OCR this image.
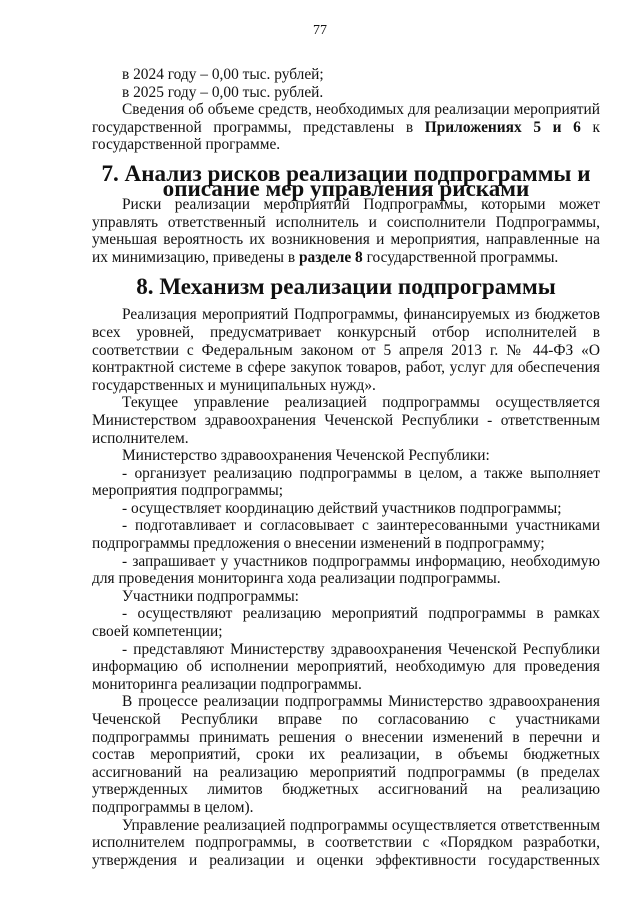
77

в 2024 году – 0,00 тыс. рублей;

в 2025 году – 0,00 тыс. рублей.

Сведения об объеме средств, необходимых для реализации мероприятий государственной программы, представлены в Приложениях 5 и 6 к государственной программе.

7. Анализ рисков реализации подпрограммы и описание мер управления рисками

Риски реализации мероприятий Подпрограммы, которыми может управлять ответственный исполнитель и соисполнители Подпрограммы, уменьшая вероятность их возникновения и мероприятия, направленные на их минимизацию, приведены в разделе 8 государственной программы.

8. Механизм реализации подпрограммы

Реализация мероприятий Подпрограммы, финансируемых из бюджетов всех уровней, предусматривает конкурсный отбор исполнителей в соответствии с Федеральным законом от 5 апреля 2013 г. № 44-ФЗ «О контрактной системе в сфере закупок товаров, работ, услуг для обеспечения государственных и муниципальных нужд».

Текущее управление реализацией подпрограммы осуществляется Министерством здравоохранения Чеченской Республики - ответственным исполнителем.

Министерство здравоохранения Чеченской Республики:

- организует реализацию подпрограммы в целом, а также выполняет мероприятия подпрограммы;

- осуществляет координацию действий участников подпрограммы;

- подготавливает и согласовывает с заинтересованными участниками подпрограммы предложения о внесении изменений в подпрограмму;

- запрашивает у участников подпрограммы информацию, необходимую для проведения мониторинга хода реализации подпрограммы.

Участники подпрограммы:

- осуществляют реализацию мероприятий подпрограммы в рамках своей компетенции;

- представляют Министерству здравоохранения Чеченской Республики информацию об исполнении мероприятий, необходимую для проведения мониторинга реализации подпрограммы.

В процессе реализации подпрограммы Министерство здравоохранения Чеченской Республики вправе по согласованию с участниками подпрограммы принимать решения о внесении изменений в перечни и состав мероприятий, сроки их реализации, в объемы бюджетных ассигнований на реализацию мероприятий подпрограммы (в пределах утвержденных лимитов бюджетных ассигнований на реализацию подпрограммы в целом).

Управление реализацией подпрограммы осуществляется ответственным исполнителем подпрограммы, в соответствии с «Порядком разработки, утверждения и реализации и оценки эффективности государственных
